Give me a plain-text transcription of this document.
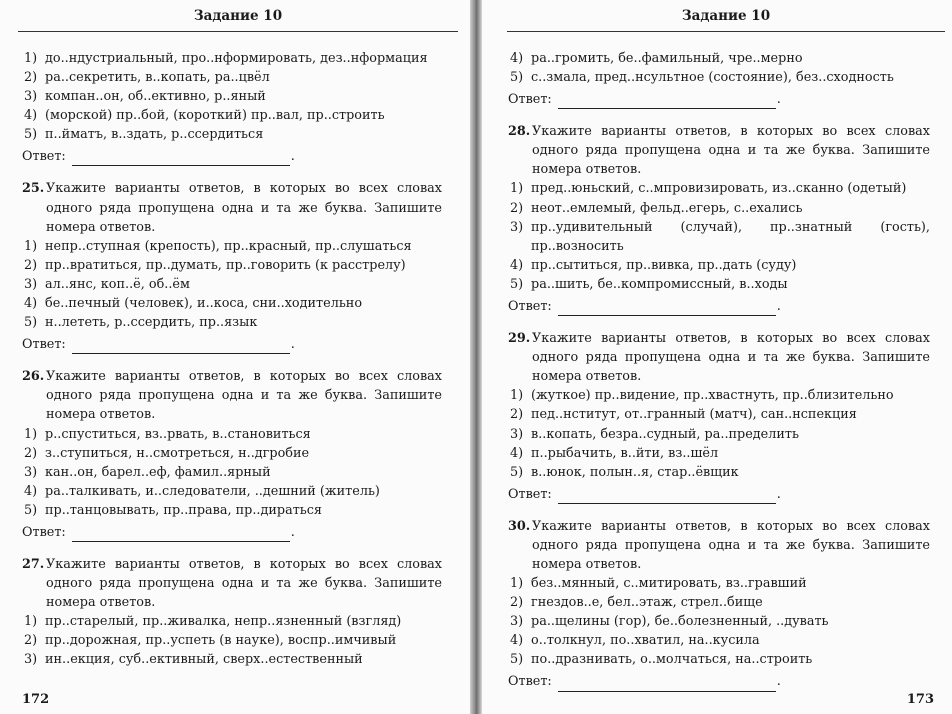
Задание 10
1) до..ндустриальный, про..нформировать, дез..нформация
2) ра..секретить, в..копать, ра..цвёл
3) компан..он, об..ективно, р..яный
4) (морской) пр..бой, (короткий) пр..вал, пр..строить
5) п..йматъ, в..здать, р..ссердиться
Ответ:	.
25. Укажите варианты ответов, в которых во всех словах одного ряда пропущена одна и та же буква. Запишите номера ответов.
1) непр..ступная (крепость), пр..красный, пр..слушаться
2) пр..вратиться, пр..думать, пр..говорить (к расстрелу)
3) ал..янс, коп..ё, об..ём
4) бе..печный (человек), и..коса, сни..ходительно
5) н..лететь, р..ссердить, пр..язык
Ответ:	.
26. Укажите варианты ответов, в которых во всех словах одного ряда пропущена одна и та же буква. Запишите номера ответов.
1) р..спуститься, вз..рвать, в..становиться
2) з..ступиться, н..смотреться, н..дгробие
3) кан..он, барел..еф, фамил..ярный
4) ра..талкивать, и..следователи, ..дешний (житель)
5) пр..танцовывать, пр..права, пр..дираться
Ответ:	.
27. Укажите варианты ответов, в которых во всех словах одного ряда пропущена одна и та же буква. Запишите номера ответов.
1) пр..старелый, пр..живалка, непр..язненный (взгляд)
2) пр..дорожная, пр..успеть (в науке), воспр..имчивый
3) ин..екция, суб..ективный, сверх..естественный
172
Задание 10
4) ра..громить, бе..фамильный, чре..мерно
5) с..змала, пред..нсультное (состояние), без..сходность
Ответ:	.
28. Укажите варианты ответов, в которых во всех словах одного ряда пропущена одна и та же буква. Запишите номера ответов.
1) пред..юньский, с..мпровизировать, из..сканно (одетый)
2) неот..емлемый, фельд..егерь, с..ехались
3) пр..удивительный (случай), пр..знатный (гость), пр..возносить
4) пр..сытиться, пр..вивка, пр..дать (суду)
5) ра..шить, бе..компромиссный, в..ходы
Ответ:	.
29. Укажите варианты ответов, в которых во всех словах одного ряда пропущена одна и та же буква. Запишите номера ответов.
1) (жуткое) пр..видение, пр..хвастнуть, пр..близительно
2) пед..нститут, от..гранный (матч), сан..нспекция
3) в..копать, безра..судный, ра..пределить
4) п..рыбачить, в..йти, вз..шёл
5) в..юнок, полын..я, стар..ёвщик
Ответ:	.
30. Укажите варианты ответов, в которых во всех словах одного ряда пропущена одна и та же буква. Запишите номера ответов.
1) без..мянный, с..митировать, вз..гравший
2) гнездов..е, бел..этаж, стрел..бище
3) ра..щелины (гор), бе..болезненный, ..дувать
4) о..толкнул, по..хватил, на..кусила
5) по..дразнивать, о..молчаться, на..строить
Ответ:	.
173
